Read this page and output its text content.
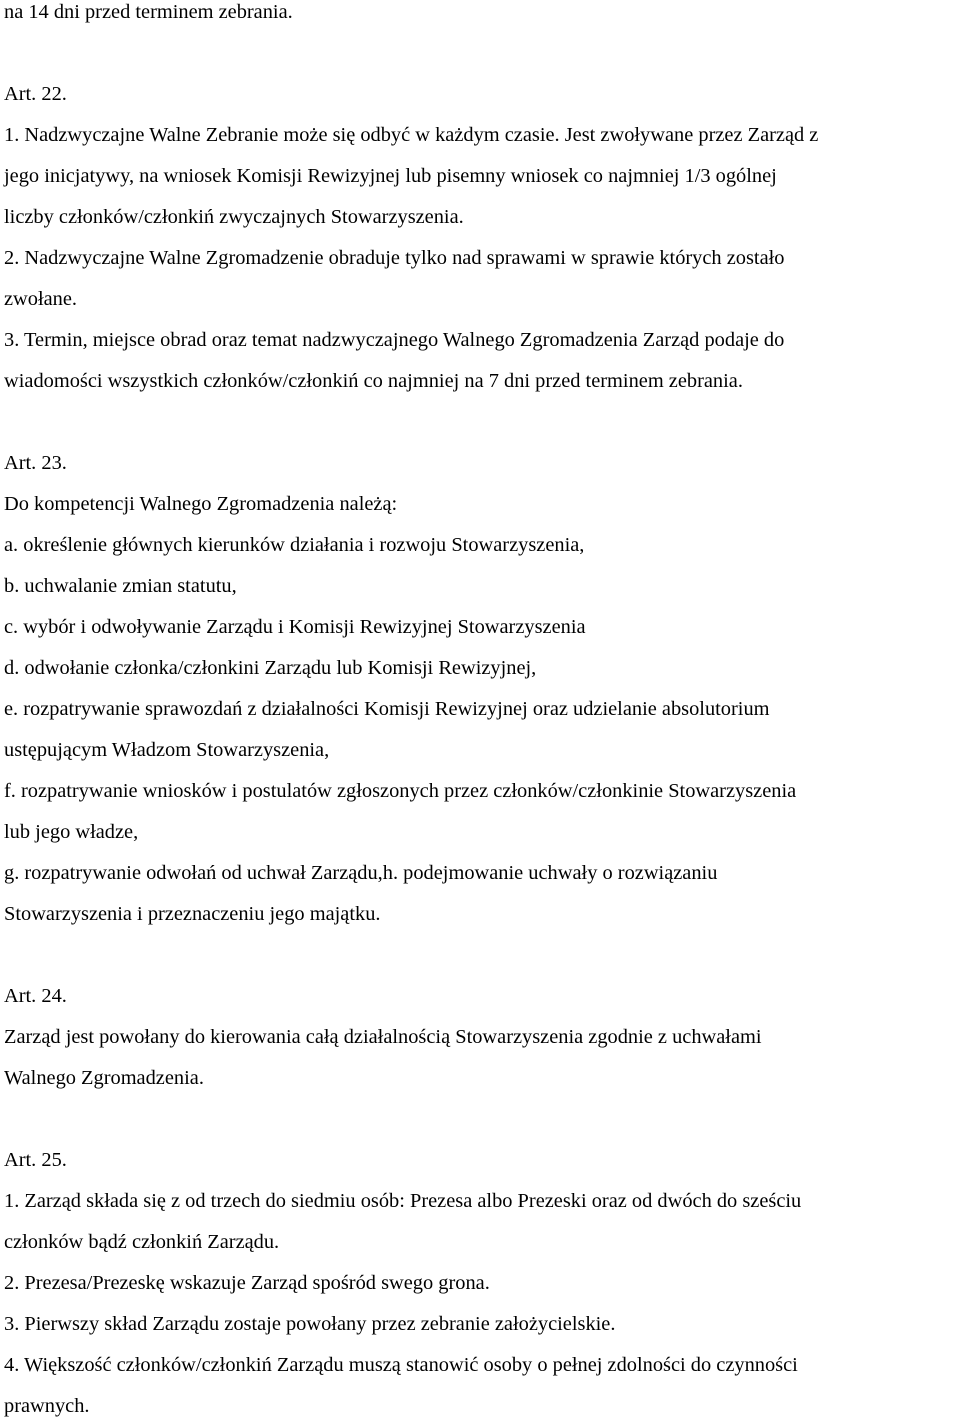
na 14 dni przed terminem zebrania.
Art. 22.
1. Nadzwyczajne Walne Zebranie może się odbyć w każdym czasie. Jest zwoływane przez Zarząd z
jego inicjatywy, na wniosek Komisji Rewizyjnej lub pisemny wniosek co najmniej 1/3 ogólnej
liczby członków/członkiń zwyczajnych Stowarzyszenia.
2. Nadzwyczajne Walne Zgromadzenie obraduje tylko nad sprawami w sprawie których zostało
zwołane.
3. Termin, miejsce obrad oraz temat nadzwyczajnego Walnego Zgromadzenia Zarząd podaje do
wiadomości wszystkich członków/członkiń co najmniej na 7 dni przed terminem zebrania.
Art. 23.
Do kompetencji Walnego Zgromadzenia należą:
a. określenie głównych kierunków działania i rozwoju Stowarzyszenia,
b. uchwalanie zmian statutu,
c. wybór i odwoływanie Zarządu i Komisji Rewizyjnej Stowarzyszenia
d. odwołanie członka/członkini Zarządu lub Komisji Rewizyjnej,
e. rozpatrywanie sprawozdań z działalności Komisji Rewizyjnej oraz udzielanie absolutorium
ustępującym Władzom Stowarzyszenia,
f. rozpatrywanie wniosków i postulatów zgłoszonych przez członków/członkinie Stowarzyszenia
lub jego władze,
g. rozpatrywanie odwołań od uchwał Zarządu,h. podejmowanie uchwały o rozwiązaniu
Stowarzyszenia i przeznaczeniu jego majątku.
Art. 24.
Zarząd jest powołany do kierowania całą działalnością Stowarzyszenia zgodnie z uchwałami
Walnego Zgromadzenia.
Art. 25.
1. Zarząd składa się z od trzech do siedmiu osób: Prezesa albo Prezeski oraz od dwóch do sześciu
członków bądź członkiń Zarządu.
2. Prezesa/Prezeskę wskazuje Zarząd spośród swego grona.
3. Pierwszy skład Zarządu zostaje powołany przez zebranie założycielskie.
4. Większość członków/członkiń Zarządu muszą stanowić osoby o pełnej zdolności do czynności
prawnych.
